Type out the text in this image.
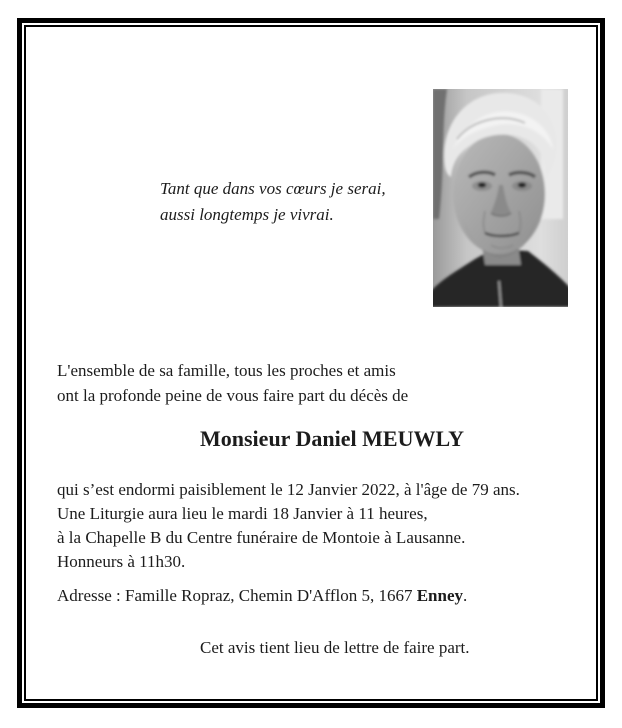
Tant que dans vos cœurs je serai,
aussi longtemps je vivrai.
L'ensemble de sa famille, tous les proches et amis
ont la profonde peine de vous faire part du décès de
Monsieur Daniel MEUWLY
qui s’est endormi paisiblement le 12 Janvier 2022, à l'âge de 79 ans.
Une Liturgie aura lieu le mardi 18 Janvier à 11 heures,
à la Chapelle B du Centre funéraire de Montoie à Lausanne.
Honneurs à 11h30.
Adresse : Famille Ropraz, Chemin D'Afflon 5, 1667 Enney.
Cet avis tient lieu de lettre de faire part.
